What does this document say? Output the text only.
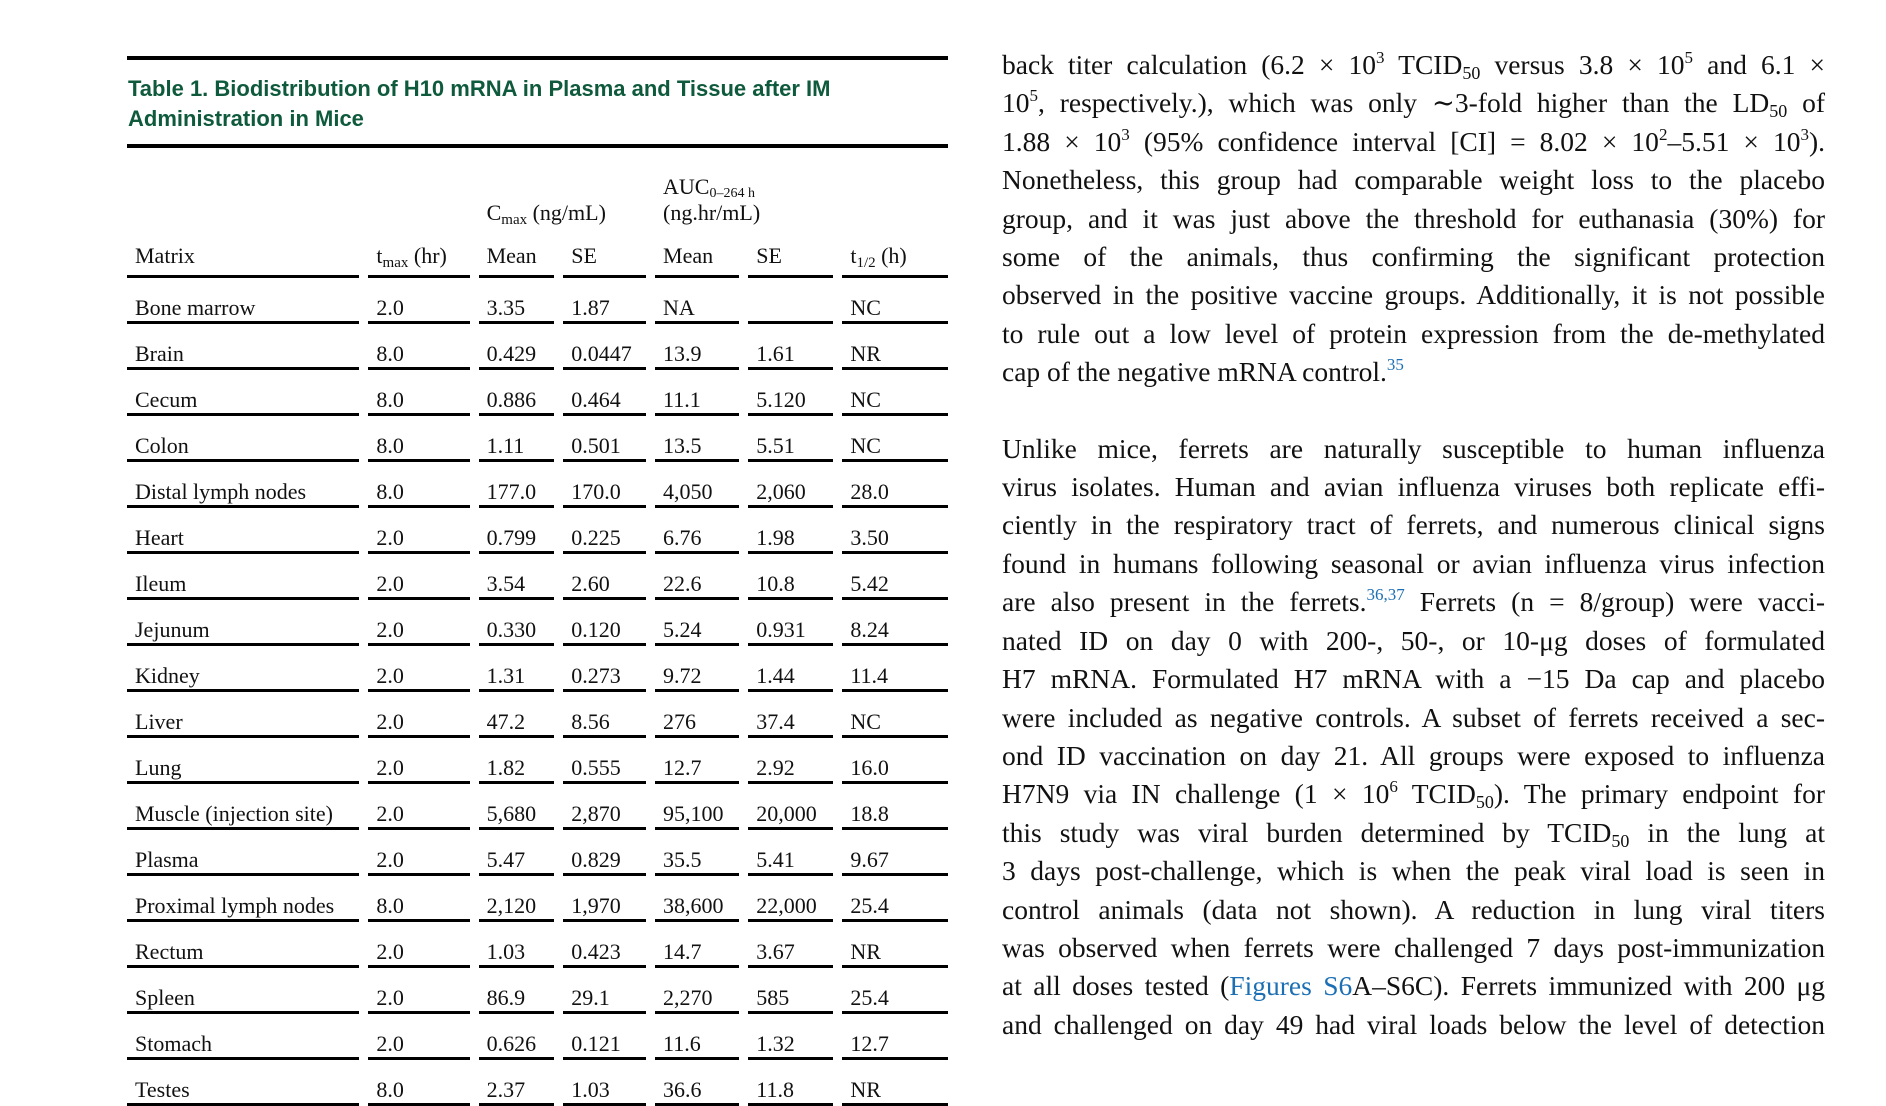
Table 1. Biodistribution of H10 mRNA in Plasma and Tissue after IM Administration in Mice
		$C_{max}$ (ng/mL)		$AUC_{0-264 h}$
(ng.hr/mL)		
Matrix	$t_{max}$ (hr)	Mean	SE	Mean	SE	$t_{1/2}$ (h)
Bone marrow	2.0	3.35	1.87	NA		NC
Brain	8.0	0.429	0.0447	13.9	1.61	NR
Cecum	8.0	0.886	0.464	11.1	5.120	NC
Colon	8.0	1.11	0.501	13.5	5.51	NC
Distal lymph nodes	8.0	177.0	170.0	4,050	2,060	28.0
Heart	2.0	0.799	0.225	6.76	1.98	3.50
Ileum	2.0	3.54	2.60	22.6	10.8	5.42
Jejunum	2.0	0.330	0.120	5.24	0.931	8.24
Kidney	2.0	1.31	0.273	9.72	1.44	11.4
Liver	2.0	47.2	8.56	276	37.4	NC
Lung	2.0	1.82	0.555	12.7	2.92	16.0
Muscle (injection site)	2.0	5,680	2,870	95,100	20,000	18.8
Plasma	2.0	5.47	0.829	35.5	5.41	9.67
Proximal lymph nodes	8.0	2,120	1,970	38,600	22,000	25.4
Rectum	2.0	1.03	0.423	14.7	3.67	NR
Spleen	2.0	86.9	29.1	2,270	585	25.4
Stomach	2.0	0.626	0.121	11.6	1.32	12.7
Testes	8.0	2.37	1.03	36.6	11.8	NR

back titer calculation ($6.2 \times 10^3$ $TCID_{50}$ versus $3.8 \times 10^5$ and 6.1 ×
$10^5$, respectively.), which was only ∼3-fold higher than the $LD_{50}$ of
$1.88 \times 10^3$ (95% confidence interval $[CI] = 8.02 \times 10^2-5.51 \times 10^3$).
Nonetheless, this group had comparable weight loss to the placebo
group, and it was just above the threshold for euthanasia (30%) for
some of the animals, thus confirming the significant protection
observed in the positive vaccine groups. Additionally, it is not possible
to rule out a low level of protein expression from the de-methylated
cap of the negative mRNA control.$^{35}$

Unlike mice, ferrets are naturally susceptible to human influenza
virus isolates. Human and avian influenza viruses both replicate effi-
ciently in the respiratory tract of ferrets, and numerous clinical signs
found in humans following seasonal or avian influenza virus infection
are also present in the ferrets.$^{36,37}$ Ferrets (n = 8/group) were vacci-
nated ID on day 0 with 200-, 50-, or 10-μg doses of formulated
H7 mRNA. Formulated H7 mRNA with a −15 Da cap and placebo
were included as negative controls. A subset of ferrets received a sec-
ond ID vaccination on day 21. All groups were exposed to influenza
H7N9 via IN challenge ($1 \times 10^6$ $TCID_{50}$). The primary endpoint for
this study was viral burden determined by $TCID_{50}$ in the lung at
3 days post-challenge, which is when the peak viral load is seen in
control animals (data not shown). A reduction in lung viral titers
was observed when ferrets were challenged 7 days post-immunization
at all doses tested (Figures S6A–S6C). Ferrets immunized with 200 μg
and challenged on day 49 had viral loads below the level of detection
